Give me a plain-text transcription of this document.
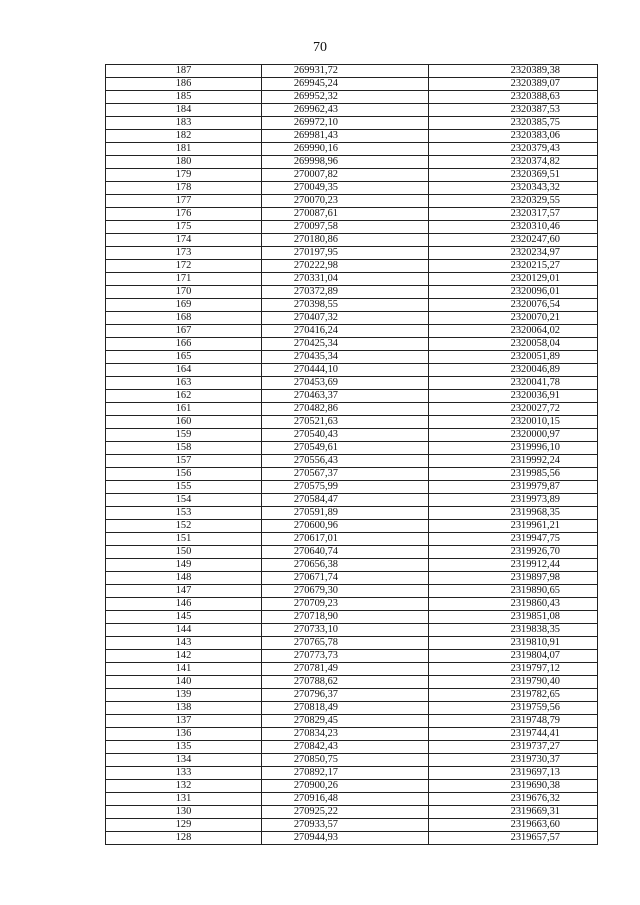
70
187	269931,72	2320389,38
186	269945,24	2320389,07
185	269952,32	2320388,63
184	269962,43	2320387,53
183	269972,10	2320385,75
182	269981,43	2320383,06
181	269990,16	2320379,43
180	269998,96	2320374,82
179	270007,82	2320369,51
178	270049,35	2320343,32
177	270070,23	2320329,55
176	270087,61	2320317,57
175	270097,58	2320310,46
174	270180,86	2320247,60
173	270197,95	2320234,97
172	270222,98	2320215,27
171	270331,04	2320129,01
170	270372,89	2320096,01
169	270398,55	2320076,54
168	270407,32	2320070,21
167	270416,24	2320064,02
166	270425,34	2320058,04
165	270435,34	2320051,89
164	270444,10	2320046,89
163	270453,69	2320041,78
162	270463,37	2320036,91
161	270482,86	2320027,72
160	270521,63	2320010,15
159	270540,43	2320000,97
158	270549,61	2319996,10
157	270556,43	2319992,24
156	270567,37	2319985,56
155	270575,99	2319979,87
154	270584,47	2319973,89
153	270591,89	2319968,35
152	270600,96	2319961,21
151	270617,01	2319947,75
150	270640,74	2319926,70
149	270656,38	2319912,44
148	270671,74	2319897,98
147	270679,30	2319890,65
146	270709,23	2319860,43
145	270718,90	2319851,08
144	270733,10	2319838,35
143	270765,78	2319810,91
142	270773,73	2319804,07
141	270781,49	2319797,12
140	270788,62	2319790,40
139	270796,37	2319782,65
138	270818,49	2319759,56
137	270829,45	2319748,79
136	270834,23	2319744,41
135	270842,43	2319737,27
134	270850,75	2319730,37
133	270892,17	2319697,13
132	270900,26	2319690,38
131	270916,48	2319676,32
130	270925,22	2319669,31
129	270933,57	2319663,60
128	270944,93	2319657,57
